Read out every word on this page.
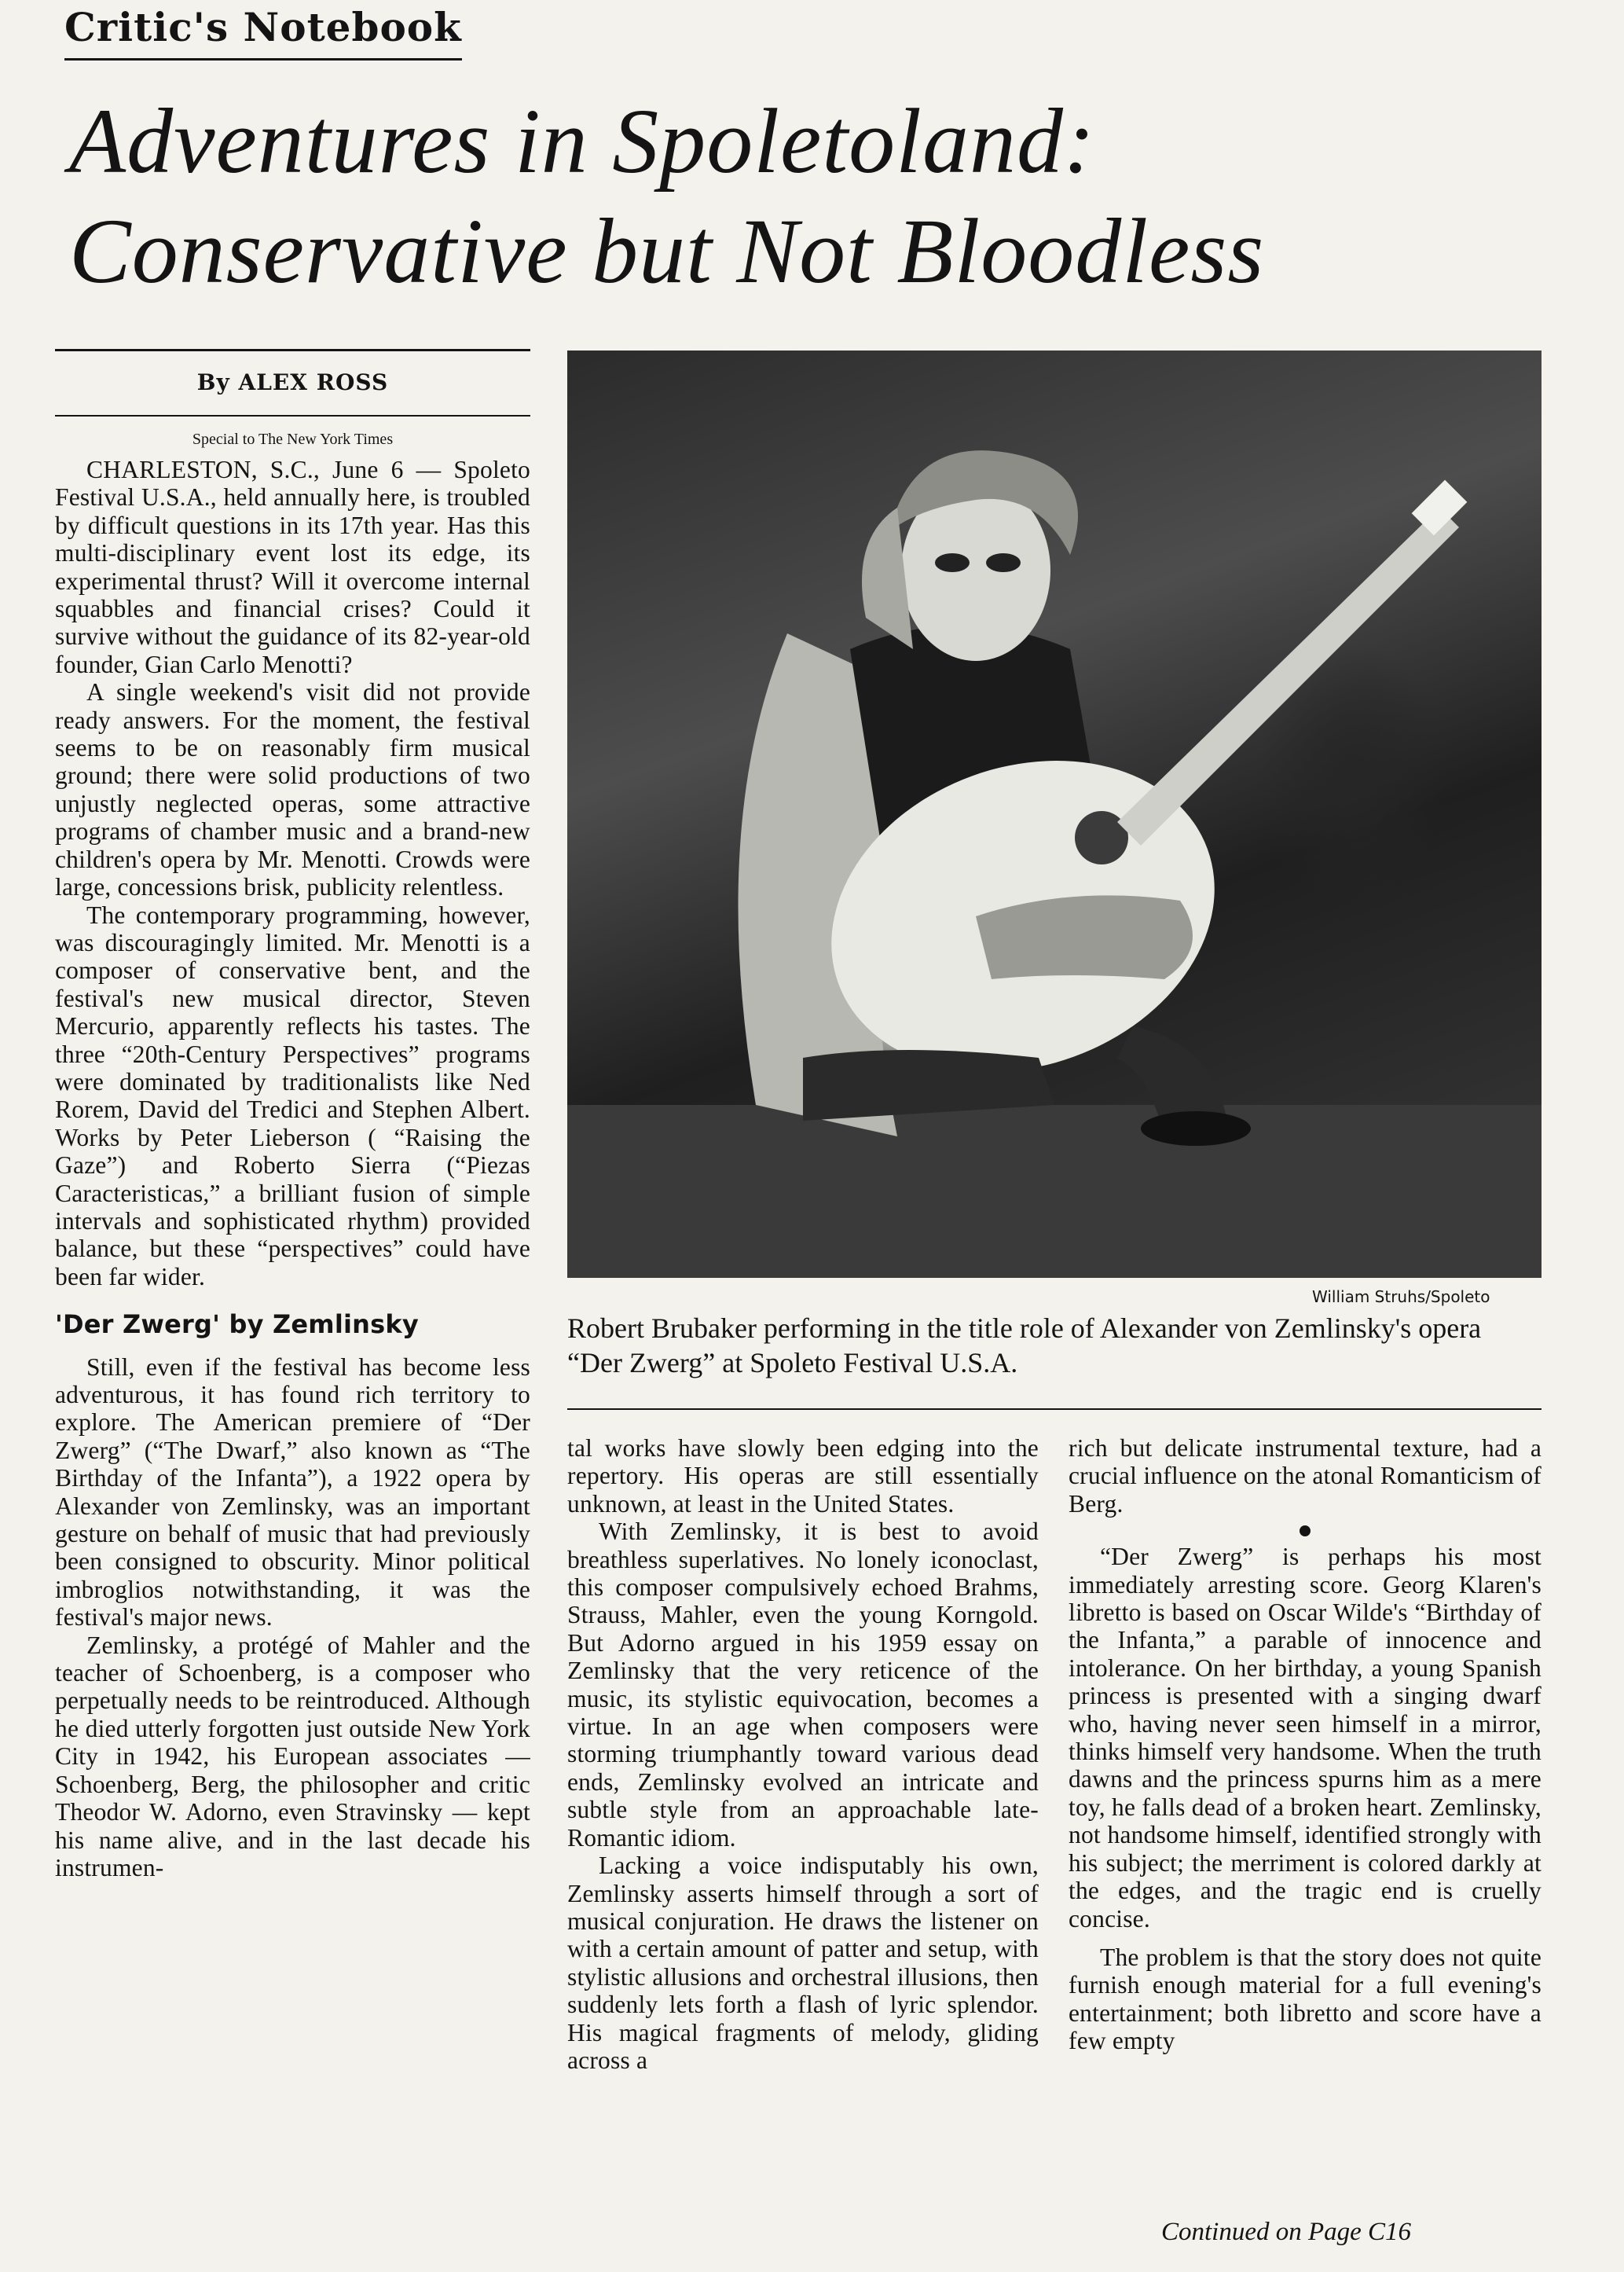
Critic's Notebook
Adventures in Spoletoland:
Conservative but Not Bloodless
By ALEX ROSS
Special to The New York Times

CHARLESTON, S.C., June 6 — Spoleto Festival U.S.A., held annually here, is troubled by difficult questions in its 17th year. Has this multi-disciplinary event lost its edge, its experimental thrust? Will it overcome internal squabbles and financial crises? Could it survive without the guidance of its 82-year-old founder, Gian Carlo Menotti?

A single weekend's visit did not provide ready answers. For the moment, the festival seems to be on reasonably firm musical ground; there were solid productions of two unjustly neglected operas, some attractive programs of chamber music and a brand-new children's opera by Mr. Menotti. Crowds were large, concessions brisk, publicity relentless.

The contemporary programming, however, was discouragingly limited. Mr. Menotti is a composer of conservative bent, and the festival's new musical director, Steven Mercurio, apparently reflects his tastes. The three “20th-Century Perspectives” programs were dominated by traditionalists like Ned Rorem, David del Tredici and Stephen Albert. Works by Peter Lieberson ( “Raising the Gaze”) and Roberto Sierra (“Piezas Caracteristicas,” a brilliant fusion of simple intervals and sophisticated rhythm) provided balance, but these “perspectives” could have been far wider.

'Der Zwerg' by Zemlinsky

Still, even if the festival has become less adventurous, it has found rich territory to explore. The American premiere of “Der Zwerg” (“The Dwarf,” also known as “The Birthday of the Infanta”), a 1922 opera by Alexander von Zemlinsky, was an important gesture on behalf of music that had previously been consigned to obscurity. Minor political imbroglios notwithstanding, it was the festival's major news.

Zemlinsky, a protégé of Mahler and the teacher of Schoenberg, is a composer who perpetually needs to be reintroduced. Although he died utterly forgotten just outside New York City in 1942, his European associates — Schoenberg, Berg, the philosopher and critic Theodor W. Adorno, even Stravinsky — kept his name alive, and in the last decade his instrumen-

William Struhs/Spoleto
Robert Brubaker performing in the title role of Alexander von Zemlinsky's opera “Der Zwerg” at Spoleto Festival U.S.A.

tal works have slowly been edging into the repertory. His operas are still essentially unknown, at least in the United States.

With Zemlinsky, it is best to avoid breathless superlatives. No lonely iconoclast, this composer compulsively echoed Brahms, Strauss, Mahler, even the young Korngold. But Adorno argued in his 1959 essay on Zemlinsky that the very reticence of the music, its stylistic equivocation, becomes a virtue. In an age when composers were storming triumphantly toward various dead ends, Zemlinsky evolved an intricate and subtle style from an approachable late-Romantic idiom.

Lacking a voice indisputably his own, Zemlinsky asserts himself through a sort of musical conjuration. He draws the listener on with a certain amount of patter and setup, with stylistic allusions and orchestral illusions, then suddenly lets forth a flash of lyric splendor. His magical fragments of melody, gliding across a

rich but delicate instrumental texture, had a crucial influence on the atonal Romanticism of Berg.

“Der Zwerg” is perhaps his most immediately arresting score. Georg Klaren's libretto is based on Oscar Wilde's “Birthday of the Infanta,” a parable of innocence and intolerance. On her birthday, a young Spanish princess is presented with a singing dwarf who, having never seen himself in a mirror, thinks himself very handsome. When the truth dawns and the princess spurns him as a mere toy, he falls dead of a broken heart. Zemlinsky, not handsome himself, identified strongly with his subject; the merriment is colored darkly at the edges, and the tragic end is cruelly concise.

The problem is that the story does not quite furnish enough material for a full evening's entertainment; both libretto and score have a few empty

Continued on Page C16
